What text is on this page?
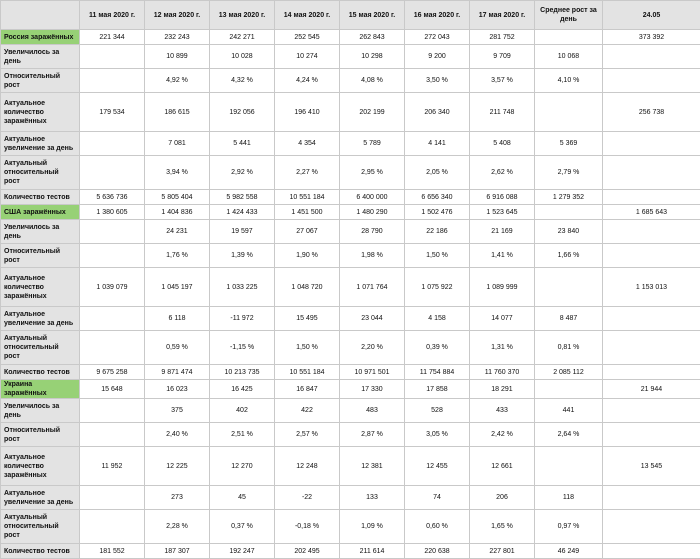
	11 мая 2020 г.	12 мая 2020 г.	13 мая 2020 г.	14 мая 2020 г.	15 мая 2020 г.	16 мая 2020 г.	17 мая 2020 г.	Среднее рост за день	24.05
Россия заражённых	221 344	232 243	242 271	252 545	262 843	272 043	281 752		373 392
Увеличилось за день		10 899	10 028	10 274	10 298	9 200	9 709	10 068	
Относительный рост		4,92 %	4,32 %	4,24 %	4,08 %	3,50 %	3,57 %	4,10 %	
Актуальное количество заражённых	179 534	186 615	192 056	196 410	202 199	206 340	211 748		256 738
Актуальное увеличение за день		7 081	5 441	4 354	5 789	4 141	5 408	5 369	
Актуальный относительный рост		3,94 %	2,92 %	2,27 %	2,95 %	2,05 %	2,62 %	2,79 %	
Количество тестов	5 636 736	5 805 404	5 982 558	10 551 184	6 400 000	6 656 340	6 916 088	1 279 352	
США заражённых	1 380 605	1 404 836	1 424 433	1 451 500	1 480 290	1 502 476	1 523 645		1 685 643
Увеличилось за день		24 231	19 597	27 067	28 790	22 186	21 169	23 840	
Относительный рост		1,76 %	1,39 %	1,90 %	1,98 %	1,50 %	1,41 %	1,66 %	
Актуальное количество заражённых	1 039 079	1 045 197	1 033 225	1 048 720	1 071 764	1 075 922	1 089 999		1 153 013
Актуальное увеличение за день		6 118	-11 972	15 495	23 044	4 158	14 077	8 487	
Актуальный относительный рост		0,59 %	-1,15 %	1,50 %	2,20 %	0,39 %	1,31 %	0,81 %	
Количество тестов	9 675 258	9 871 474	10 213 735	10 551 184	10 971 501	11 754 884	11 760 370	2 085 112	
Украина заражённых	15 648	16 023	16 425	16 847	17 330	17 858	18 291		21 944
Увеличилось за день		375	402	422	483	528	433	441	
Относительный рост		2,40 %	2,51 %	2,57 %	2,87 %	3,05 %	2,42 %	2,64 %	
Актуальное количество заражённых	11 952	12 225	12 270	12 248	12 381	12 455	12 661		13 545
Актуальное увеличение за день		273	45	-22	133	74	206	118	
Актуальный относительный рост		2,28 %	0,37 %	-0,18 %	1,09 %	0,60 %	1,65 %	0,97 %	
Количество тестов	181 552	187 307	192 247	202 495	211 614	220 638	227 801	46 249	
